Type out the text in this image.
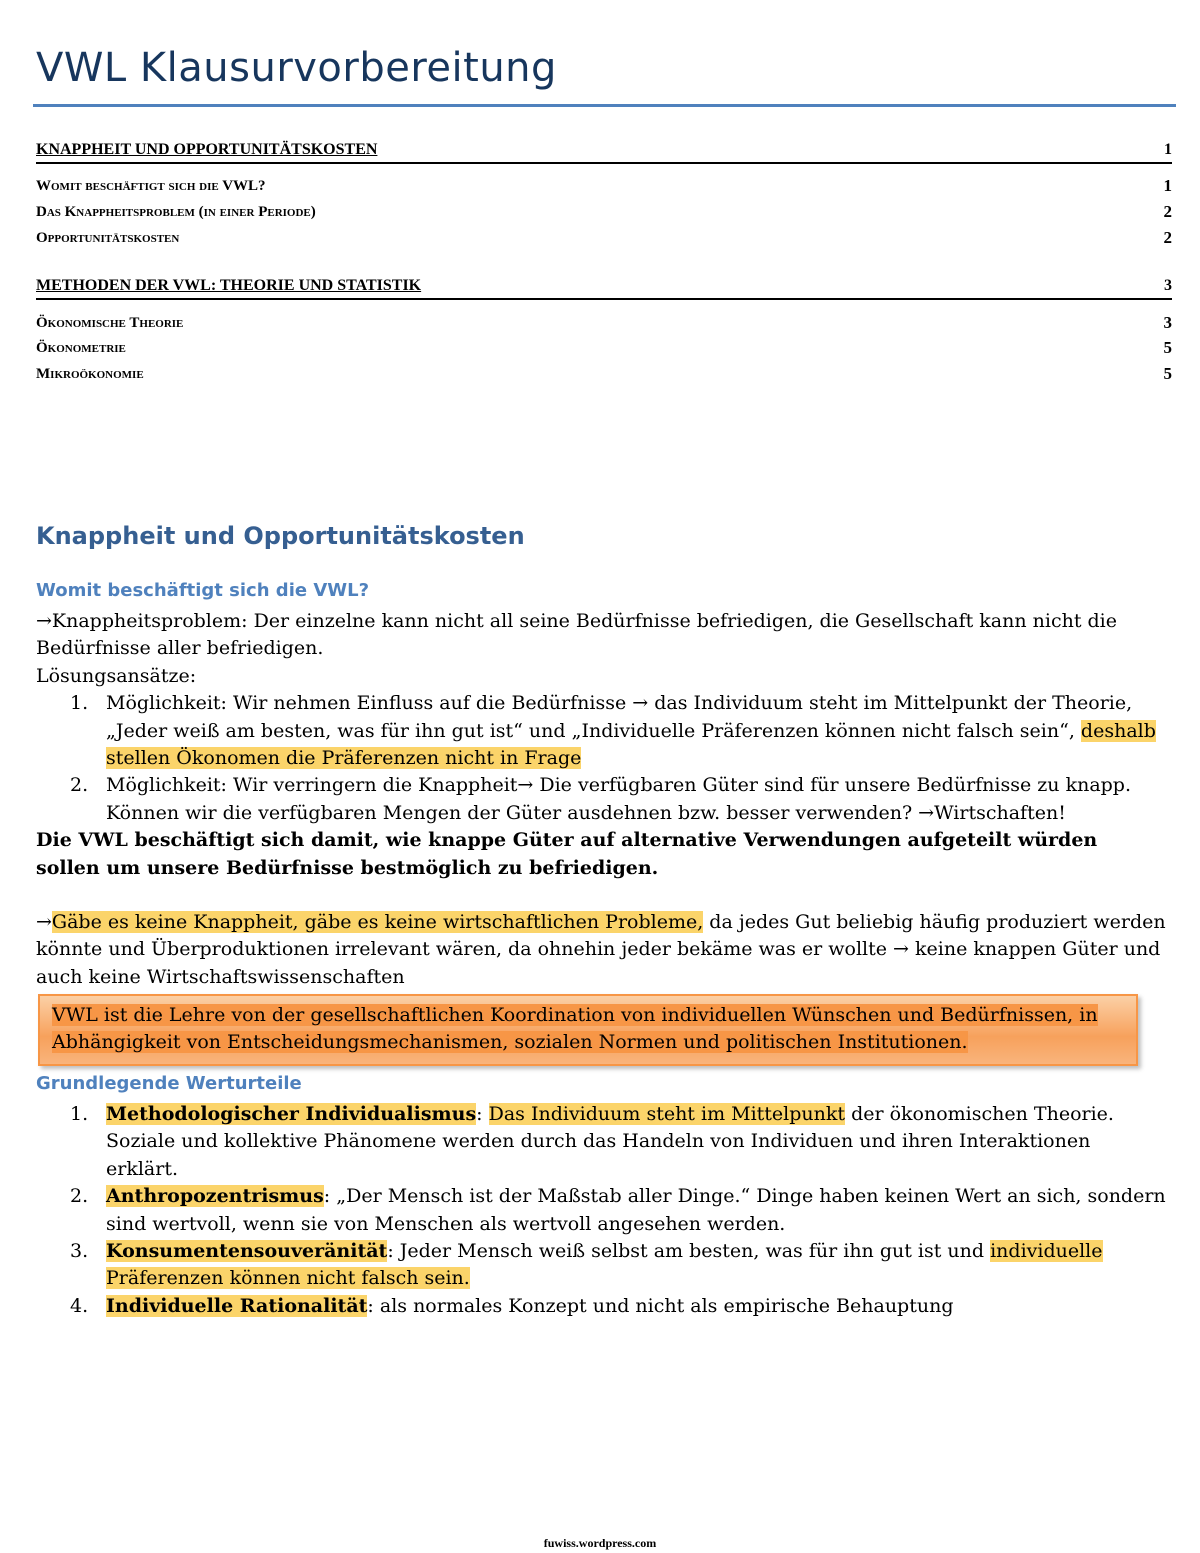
VWL Klausurvorbereitung
KNAPPHEIT UND OPPORTUNITÄTSKOSTEN	1
Womit beschäftigt sich die VWL?	1
Das Knappheitsproblem (in einer Periode)	2
Opportunitätskosten	2
METHODEN DER VWL: THEORIE UND STATISTIK	3
Ökonomische Theorie	3
Ökonometrie	5
Mikroökonomie	5
Knappheit und Opportunitätskosten
Womit beschäftigt sich die VWL?
→Knappheitsproblem: Der einzelne kann nicht all seine Bedürfnisse befriedigen, die Gesellschaft kann nicht die Bedürfnisse aller befriedigen.
Lösungsansätze:
1. Möglichkeit: Wir nehmen Einfluss auf die Bedürfnisse → das Individuum steht im Mittelpunkt der Theorie, „Jeder weiß am besten, was für ihn gut ist“ und „Individuelle Präferenzen können nicht falsch sein“, deshalb stellen Ökonomen die Präferenzen nicht in Frage
2. Möglichkeit: Wir verringern die Knappheit→ Die verfügbaren Güter sind für unsere Bedürfnisse zu knapp. Können wir die verfügbaren Mengen der Güter ausdehnen bzw. besser verwenden? →Wirtschaften!
Die VWL beschäftigt sich damit, wie knappe Güter auf alternative Verwendungen aufgeteilt würden sollen um unsere Bedürfnisse bestmöglich zu befriedigen.
→Gäbe es keine Knappheit, gäbe es keine wirtschaftlichen Probleme, da jedes Gut beliebig häufig produziert werden könnte und Überproduktionen irrelevant wären, da ohnehin jeder bekäme was er wollte → keine knappen Güter und auch keine Wirtschaftswissenschaften
VWL ist die Lehre von der gesellschaftlichen Koordination von individuellen Wünschen und Bedürfnissen, in Abhängigkeit von Entscheidungsmechanismen, sozialen Normen und politischen Institutionen.
Grundlegende Werturteile
1. Methodologischer Individualismus: Das Individuum steht im Mittelpunkt der ökonomischen Theorie. Soziale und kollektive Phänomene werden durch das Handeln von Individuen und ihren Interaktionen erklärt.
2. Anthropozentrismus: „Der Mensch ist der Maßstab aller Dinge.“ Dinge haben keinen Wert an sich, sondern sind wertvoll, wenn sie von Menschen als wertvoll angesehen werden.
3. Konsumentensouveränität: Jeder Mensch weiß selbst am besten, was für ihn gut ist und individuelle Präferenzen können nicht falsch sein.
4. Individuelle Rationalität: als normales Konzept und nicht als empirische Behauptung
fuwiss.wordpress.com
